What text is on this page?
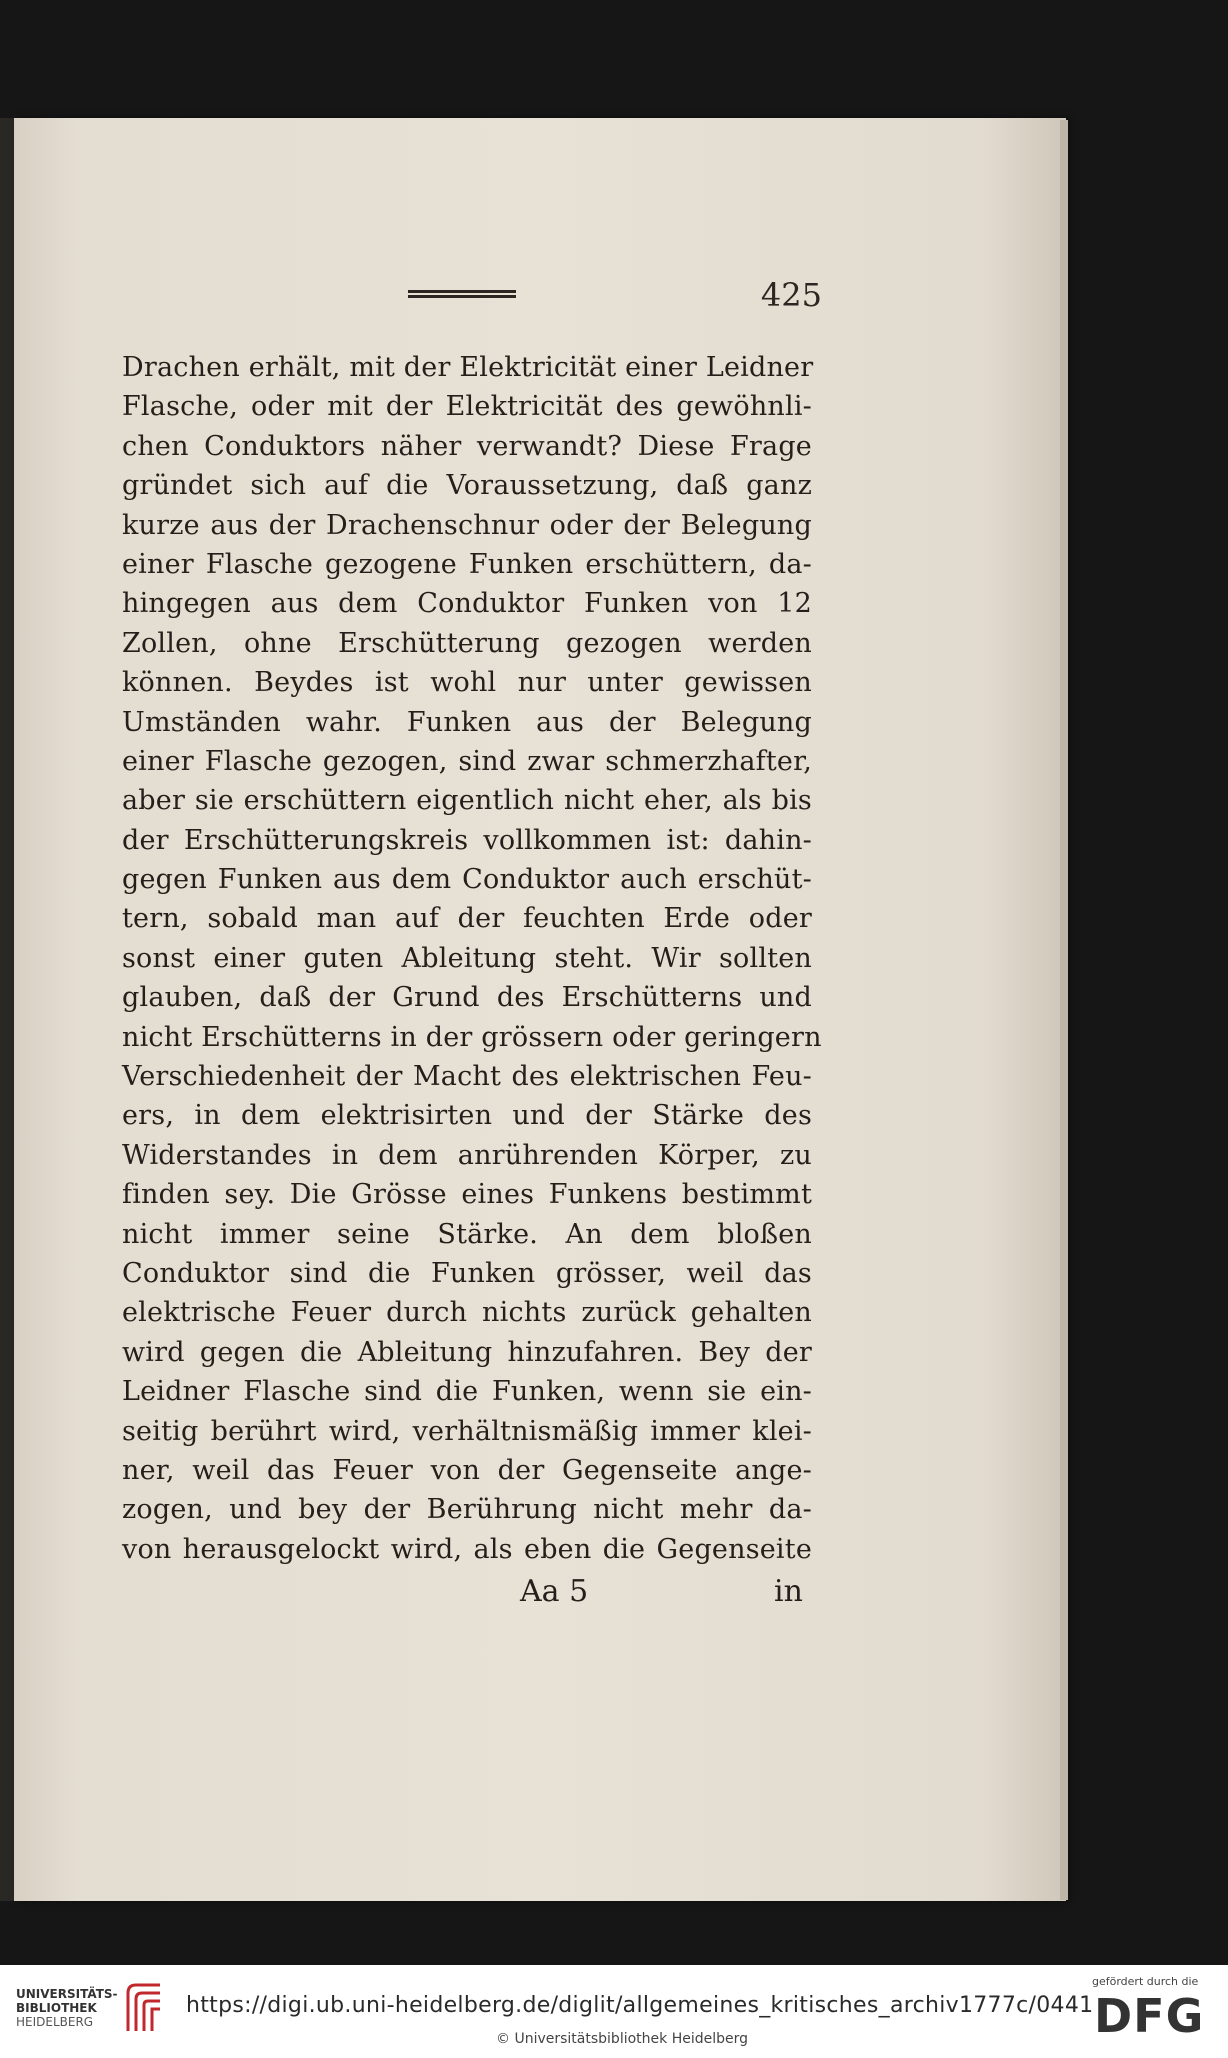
425
Drachen erhält, mit der Elektricität einer Leidner
Flasche, oder mit der Elektricität des gewöhnli-
chen Conduktors näher verwandt? Diese Frage
gründet sich auf die Voraussetzung, daß ganz
kurze aus der Drachenschnur oder der Belegung
einer Flasche gezogene Funken erschüttern, da-
hingegen aus dem Conduktor Funken von 12
Zollen, ohne Erschütterung gezogen werden
können. Beydes ist wohl nur unter gewissen
Umständen wahr. Funken aus der Belegung
einer Flasche gezogen, sind zwar schmerzhafter,
aber sie erschüttern eigentlich nicht eher, als bis
der Erschütterungskreis vollkommen ist: dahin-
gegen Funken aus dem Conduktor auch erschüt-
tern, sobald man auf der feuchten Erde oder
sonst einer guten Ableitung steht. Wir sollten
glauben, daß der Grund des Erschütterns und
nicht Erschütterns in der grössern oder geringern
Verschiedenheit der Macht des elektrischen Feu-
ers, in dem elektrisirten und der Stärke des
Widerstandes in dem anrührenden Körper, zu
finden sey. Die Grösse eines Funkens bestimmt
nicht immer seine Stärke. An dem bloßen
Conduktor sind die Funken grösser, weil das
elektrische Feuer durch nichts zurück gehalten
wird gegen die Ableitung hinzufahren. Bey der
Leidner Flasche sind die Funken, wenn sie ein-
seitig berührt wird, verhältnismäßig immer klei-
ner, weil das Feuer von der Gegenseite ange-
zogen, und bey der Berührung nicht mehr da-
von herausgelockt wird, als eben die Gegenseite
Aa 5	in
UNIVERSITÄTS-
BIBLIOTHEK
HEIDELBERG
https://digi.ub.uni-heidelberg.de/diglit/allgemeines_kritisches_archiv1777c/0441
© Universitätsbibliothek Heidelberg
gefördert durch die
DFG
